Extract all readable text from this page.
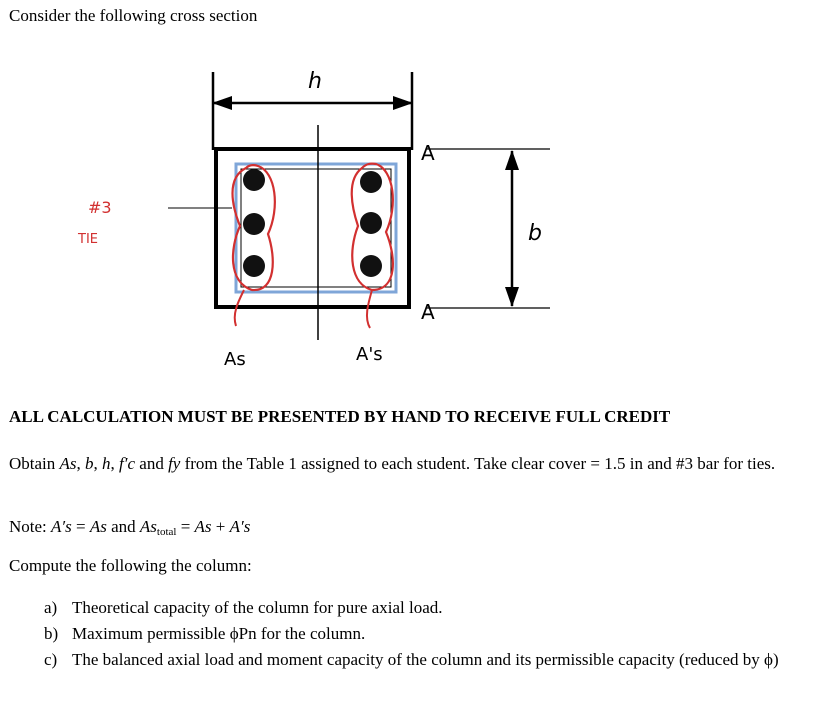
Consider the following cross section
h
A
A
b
#3
TIE
As	A's
ALL CALCULATION MUST BE PRESENTED BY HAND TO RECEIVE FULL CREDIT
Obtain As, b, h, f′c and fy from the Table 1 assigned to each student. Take clear cover = 1.5 in and #3 bar for ties.
Note: A′s = As and $As_{total} = As + A's$
Compute the following the column:
a) Theoretical capacity of the column for pure axial load.
b) Maximum permissible ϕPn for the column.
c) The balanced axial load and moment capacity of the column and its permissible capacity (reduced by ϕ)
